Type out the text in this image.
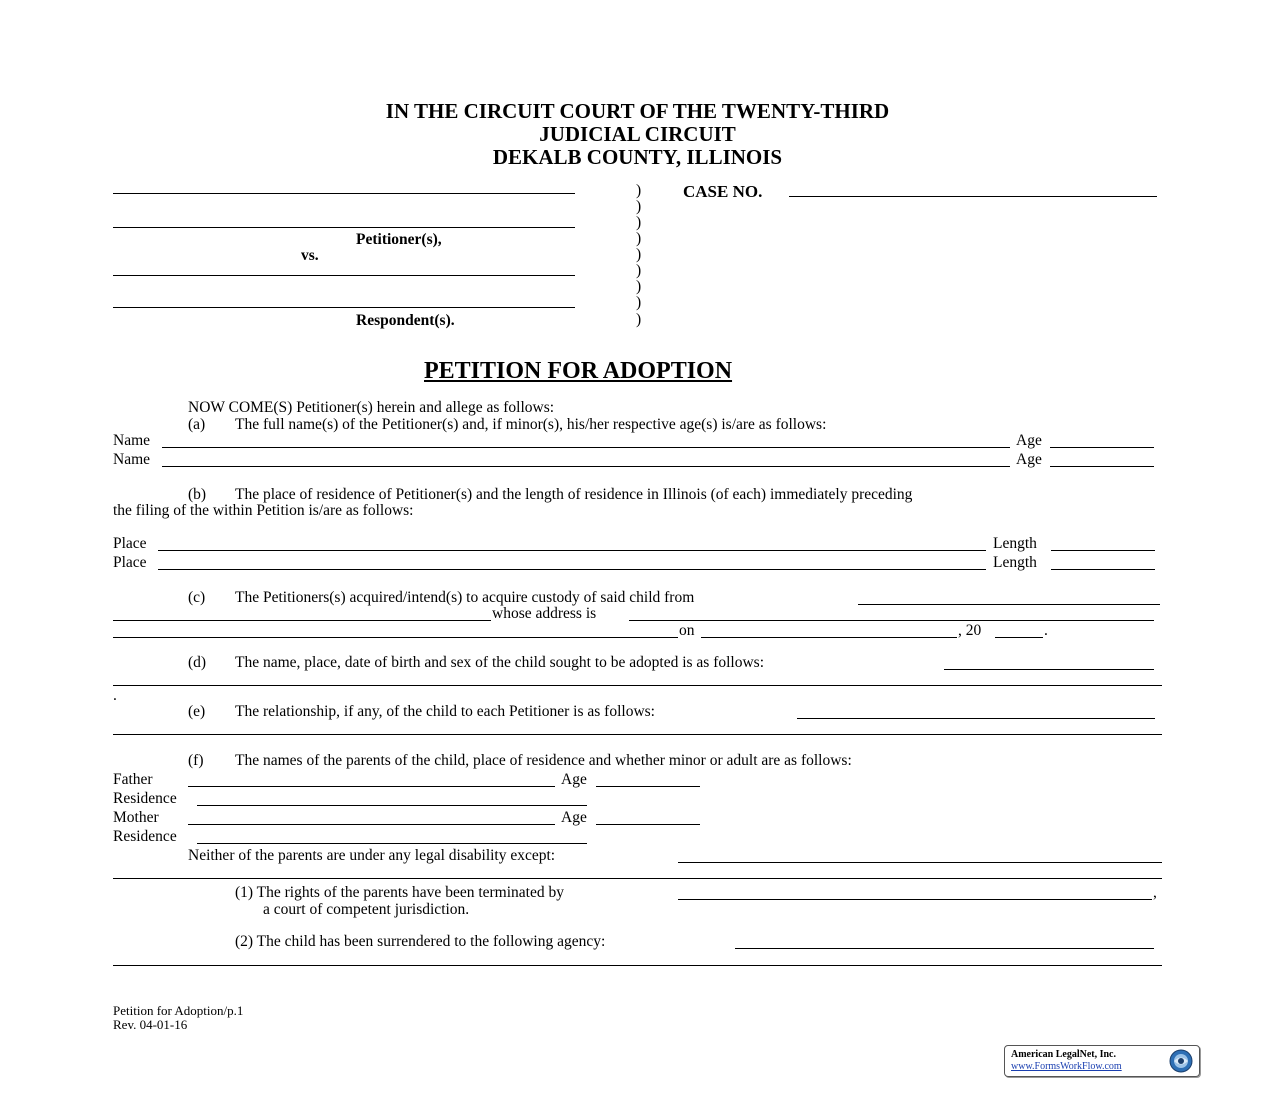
IN THE CIRCUIT COURT OF THE TWENTY-THIRD
JUDICIAL CIRCUIT
DEKALB COUNTY, ILLINOIS
Petitioner(s),
vs.
Respondent(s).
)
)
)
)
)
)
)
)
)
CASE NO.
PETITION FOR ADOPTION
NOW COME(S) Petitioner(s) herein and allege as follows:
(a) The full name(s) of the Petitioner(s) and, if minor(s), his/her respective age(s) is/are as follows:
Name	Age
Name	Age
(b) The place of residence of Petitioner(s) and the length of residence in Illinois (of each) immediately preceding
the filing of the within Petition is/are as follows:
Place	Length
Place	Length
(c) The Petitioners(s) acquired/intend(s) to acquire custody of said child from
whose address is
on	, 20	.
(d) The name, place, date of birth and sex of the child sought to be adopted is as follows:
.
(e) The relationship, if any, of the child to each Petitioner is as follows:
(f) The names of the parents of the child, place of residence and whether minor or adult are as follows:
Father	Age
Residence
Mother	Age
Residence
Neither of the parents are under any legal disability except:
(1) The rights of the parents have been terminated by	,
a court of competent jurisdiction.
(2) The child has been surrendered to the following agency:
Petition for Adoption/p.1
Rev. 04-01-16
American LegalNet, Inc.
www.FormsWorkFlow.com
